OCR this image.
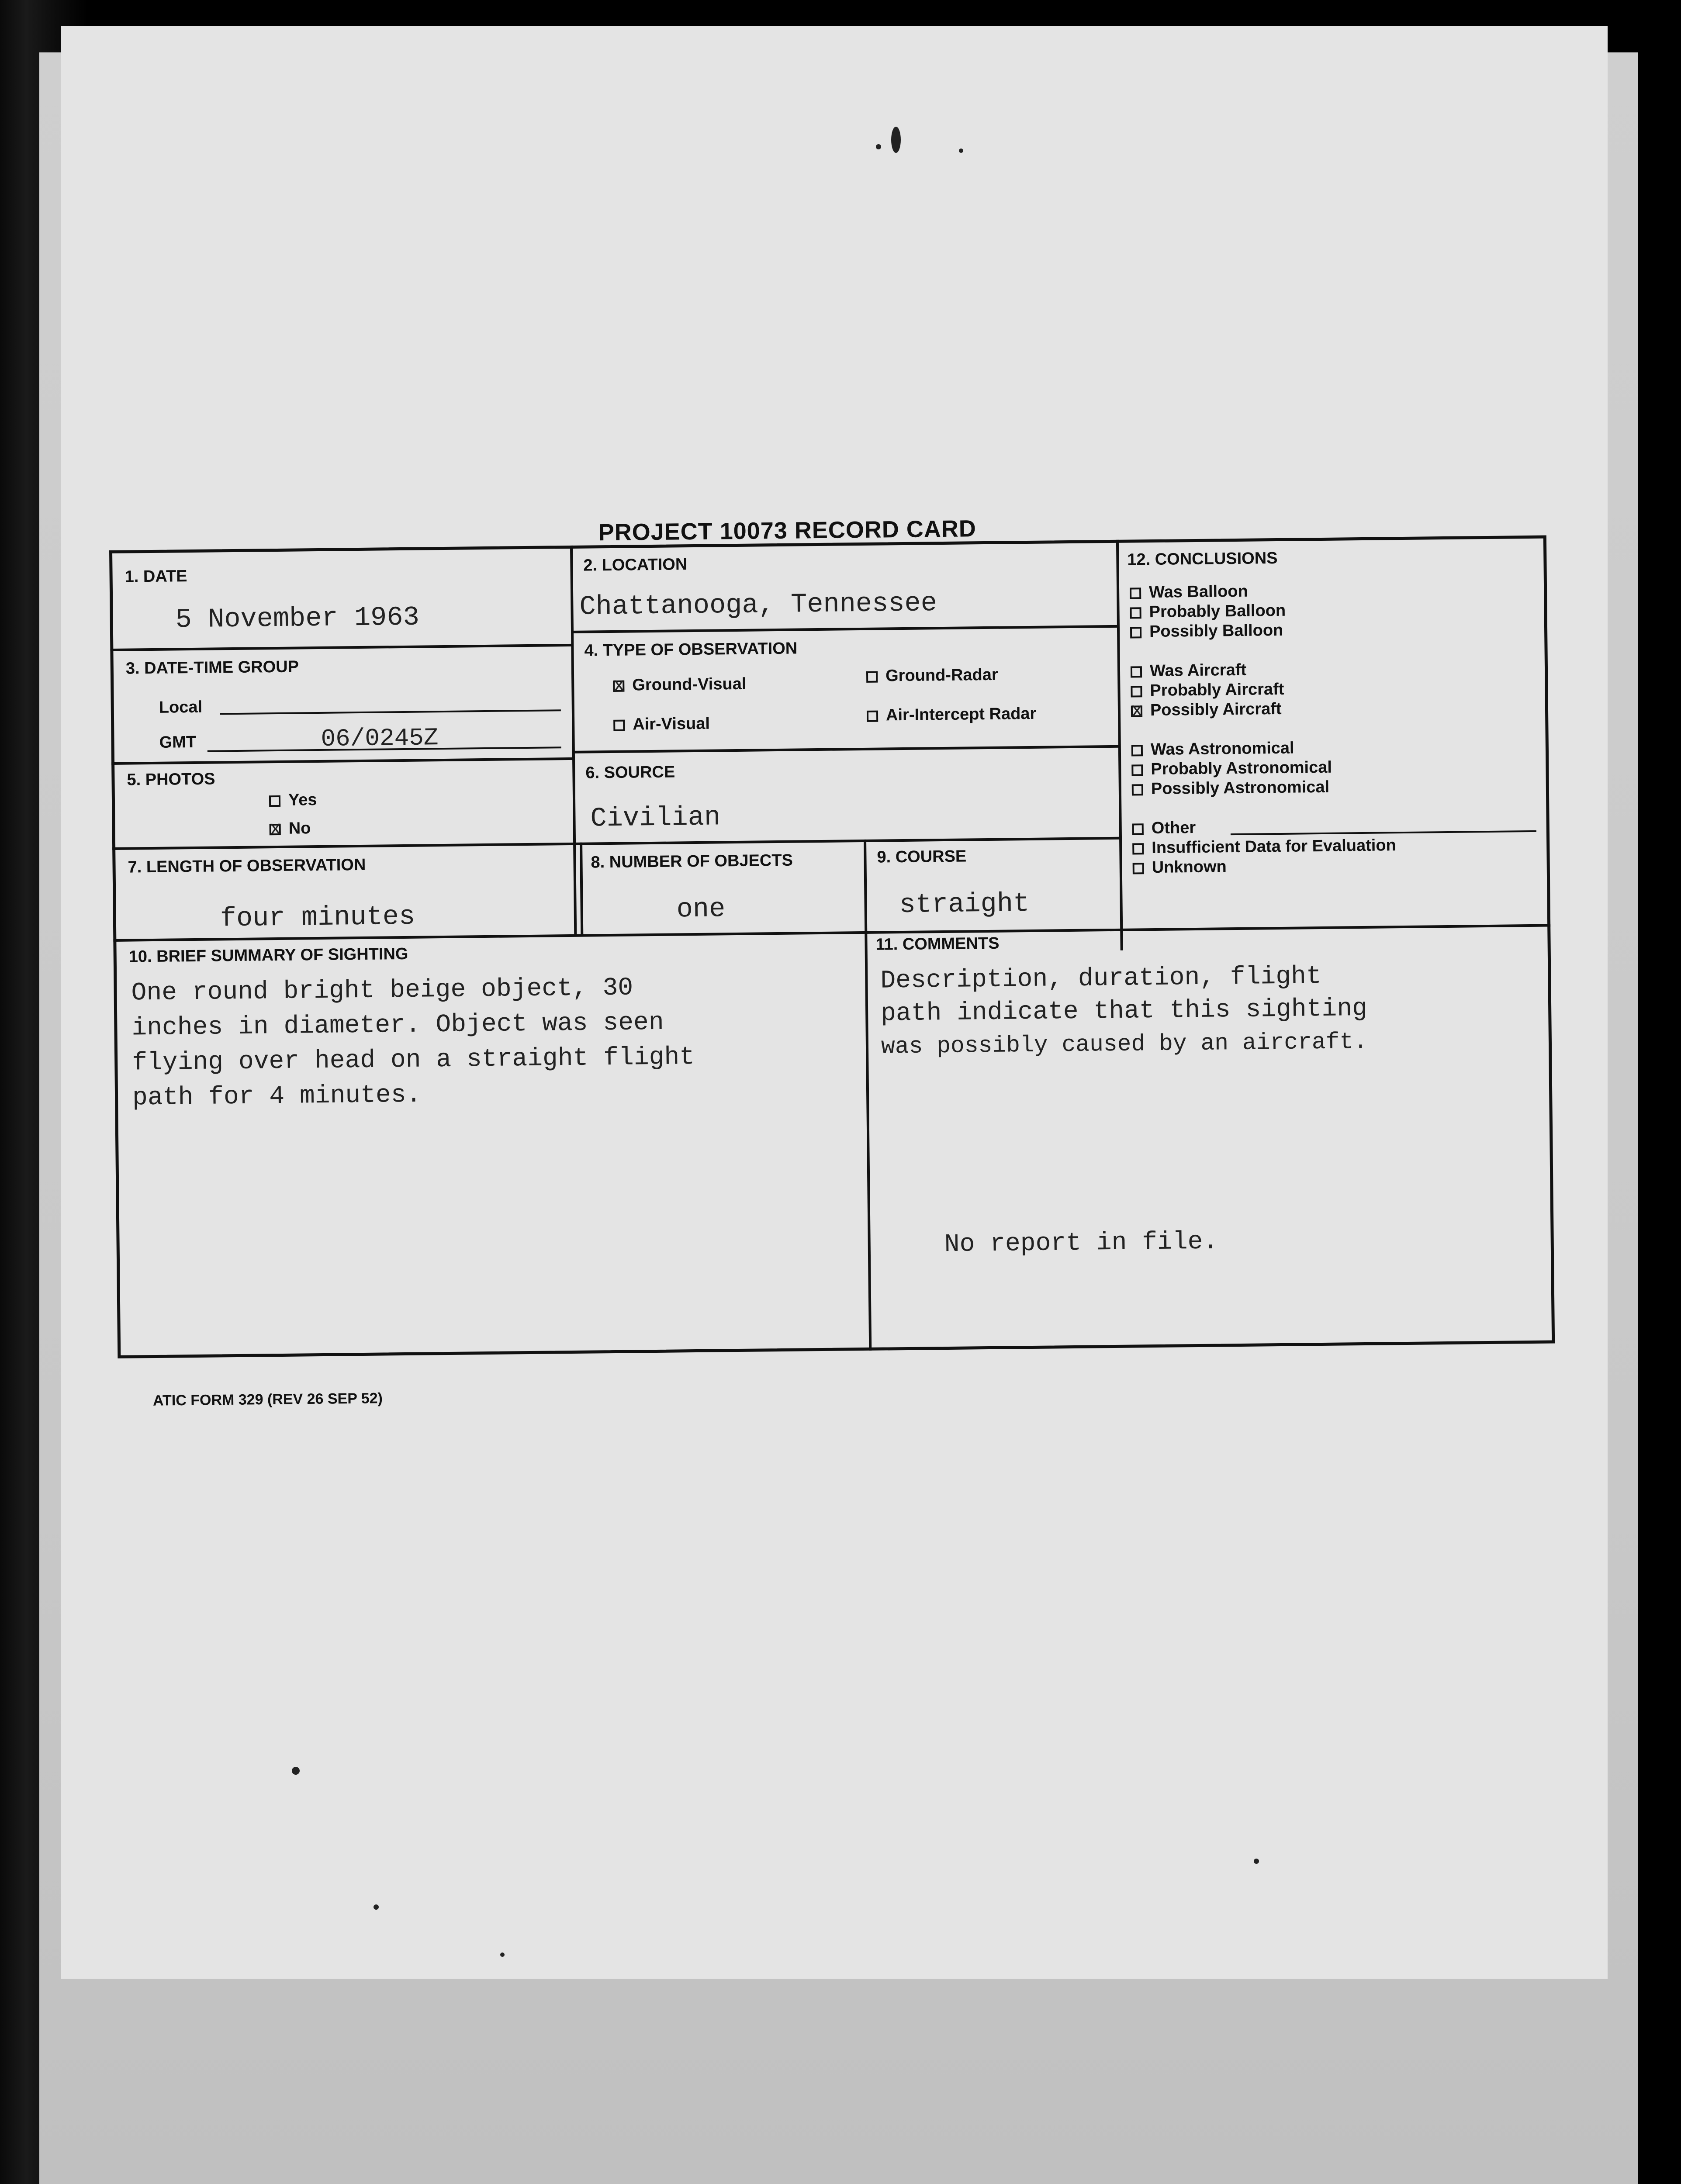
PROJECT 10073 RECORD CARD
1. DATE
5 November 1963
2. LOCATION
Chattanooga, Tennessee
3. DATE-TIME GROUP
Local
GMT	06/0245Z
4. TYPE OF OBSERVATION
x Ground-Visual	Ground-Radar
Air-Visual	Air-Intercept Radar
5. PHOTOS
Yes
x No
6. SOURCE
Civilian
7. LENGTH OF OBSERVATION
four minutes
8. NUMBER OF OBJECTS
one
9. COURSE
straight
10. BRIEF SUMMARY OF SIGHTING
One round bright beige object, 30
inches in diameter. Object was seen
flying over head on a straight flight
path for 4 minutes.
11. COMMENTS
Description, duration, flight
path indicate that this sighting
was possibly caused by an aircraft.
No report in file.
12. CONCLUSIONS
Was Balloon
Probably Balloon
Possibly Balloon
Was Aircraft
Probably Aircraft
x Possibly Aircraft
Was Astronomical
Probably Astronomical
Possibly Astronomical
Other
Insufficient Data for Evaluation
Unknown
ATIC FORM 329 (REV 26 SEP 52)
